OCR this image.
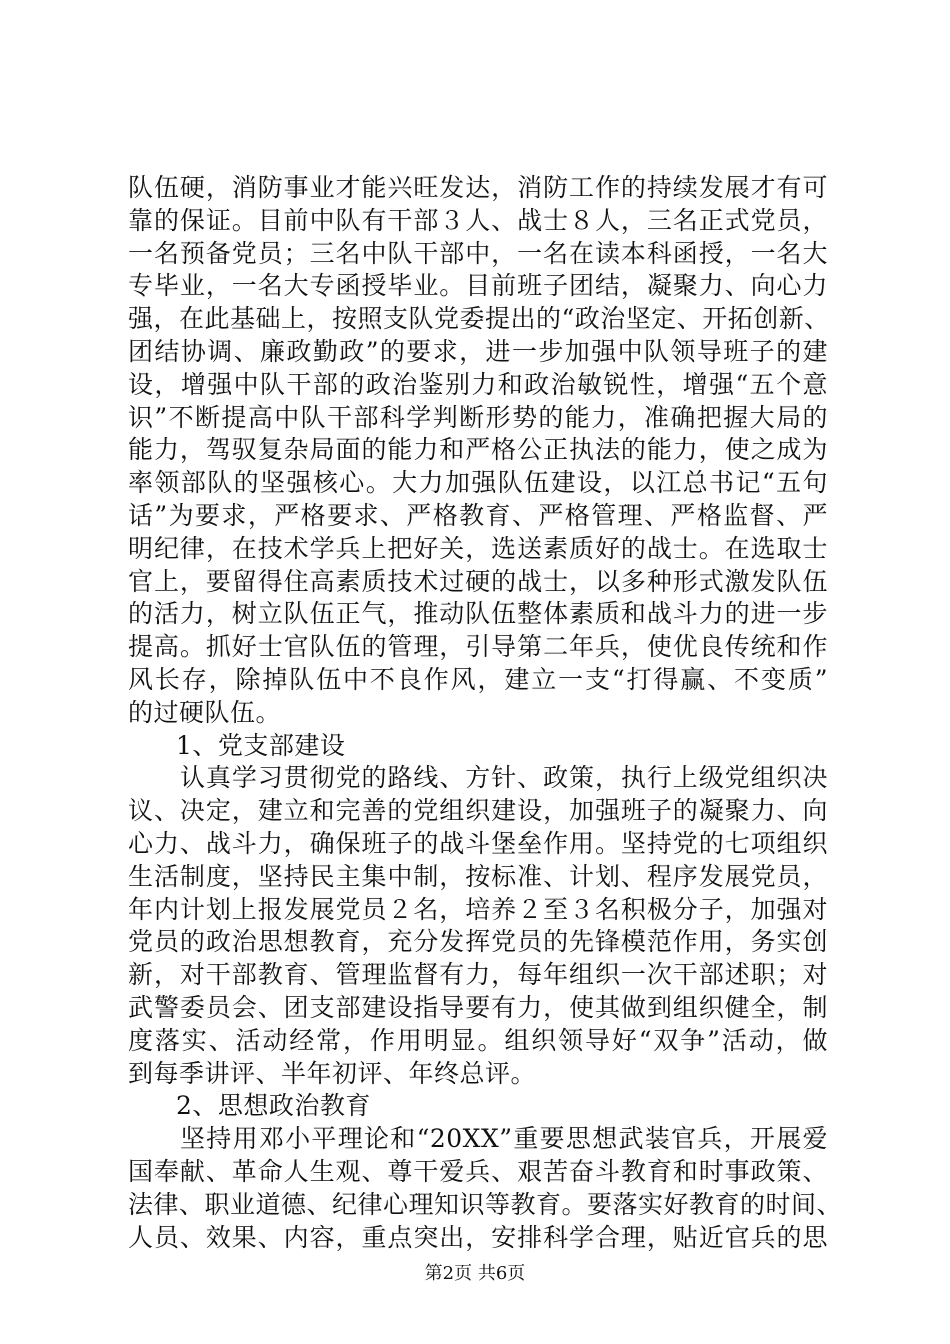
队伍硬，消防事业才能兴旺发达，消防工作的持续发展才有可
靠的保证。目前中队有干部３人、战士８人，三名正式党员，
一名预备党员；三名中队干部中，一名在读本科函授，一名大
专毕业，一名大专函授毕业。目前班子团结，凝聚力、向心力
强，在此基础上，按照支队党委提出的“政治坚定、开拓创新、
团结协调、廉政勤政”的要求，进一步加强中队领导班子的建
设，增强中队干部的政治鉴别力和政治敏锐性，增强“五个意
识”不断提高中队干部科学判断形势的能力，准确把握大局的
能力，驾驭复杂局面的能力和严格公正执法的能力，使之成为
率领部队的坚强核心。大力加强队伍建设，以江总书记“五句
话”为要求，严格要求、严格教育、严格管理、严格监督、严
明纪律，在技术学兵上把好关，选送素质好的战士。在选取士
官上，要留得住高素质技术过硬的战士，以多种形式激发队伍
的活力，树立队伍正气，推动队伍整体素质和战斗力的进一步
提高。抓好士官队伍的管理，引导第二年兵，使优良传统和作
风长存，除掉队伍中不良作风，建立一支“打得赢、不变质”
的过硬队伍。
1、党支部建设
认真学习贯彻党的路线、方针、政策，执行上级党组织决
议、决定，建立和完善的党组织建设，加强班子的凝聚力、向
心力、战斗力，确保班子的战斗堡垒作用。坚持党的七项组织
生活制度，坚持民主集中制，按标准、计划、程序发展党员，
年内计划上报发展党员２名，培养２至３名积极分子，加强对
党员的政治思想教育，充分发挥党员的先锋模范作用，务实创
新，对干部教育、管理监督有力，每年组织一次干部述职；对
武警委员会、团支部建设指导要有力，使其做到组织健全，制
度落实、活动经常，作用明显。组织领导好“双争”活动，做
到每季讲评、半年初评、年终总评。
2、思想政治教育
坚持用邓小平理论和“20XX”重要思想武装官兵，开展爱
国奉献、革命人生观、尊干爱兵、艰苦奋斗教育和时事政策、
法律、职业道德、纪律心理知识等教育。要落实好教育的时间、
人员、效果、内容，重点突出，安排科学合理，贴近官兵的思
第2页 共6页
